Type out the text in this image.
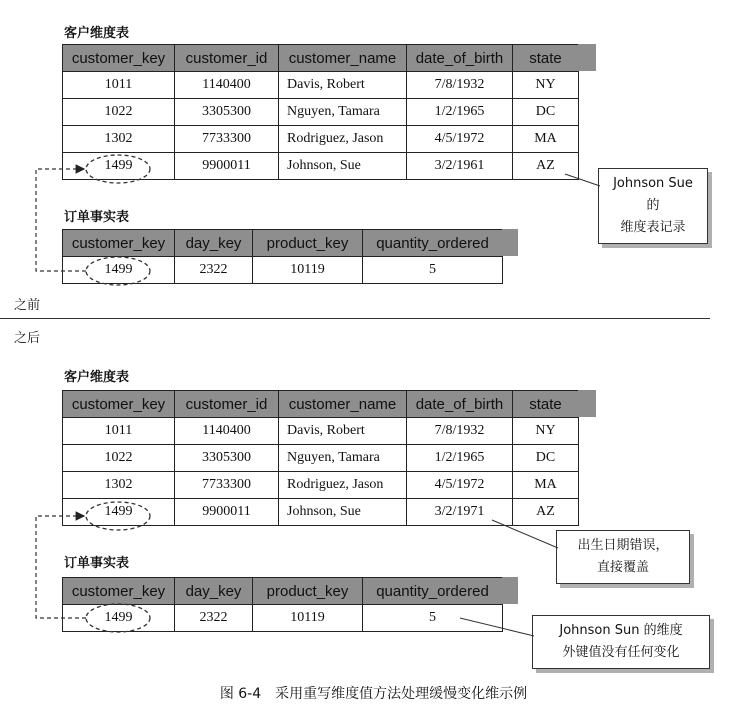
客户维度表
customer_key	customer_id	customer_name	date_of_birth	state
1011	1140400	Davis, Robert	7/8/1932	NY
1022	3305300	Nguyen, Tamara	1/2/1965	DC
1302	7733300	Rodriguez, Jason	4/5/1972	MA
1499	9900011	Johnson, Sue	3/2/1961	AZ
订单事实表
customer_key	day_key	product_key	quantity_ordered
1499	2322	10119	5
Johnson Sue 的
维度表记录
之前
之后
客户维度表
customer_key	customer_id	customer_name	date_of_birth	state
1011	1140400	Davis, Robert	7/8/1932	NY
1022	3305300	Nguyen, Tamara	1/2/1965	DC
1302	7733300	Rodriguez, Jason	4/5/1972	MA
1499	9900011	Johnson, Sue	3/2/1971	AZ
订单事实表
customer_key	day_key	product_key	quantity_ordered
1499	2322	10119	5
出生日期错误，
直接覆盖
Johnson Sun 的维度
外键值没有任何变化
图 6-4　采用重写维度值方法处理缓慢变化维示例
